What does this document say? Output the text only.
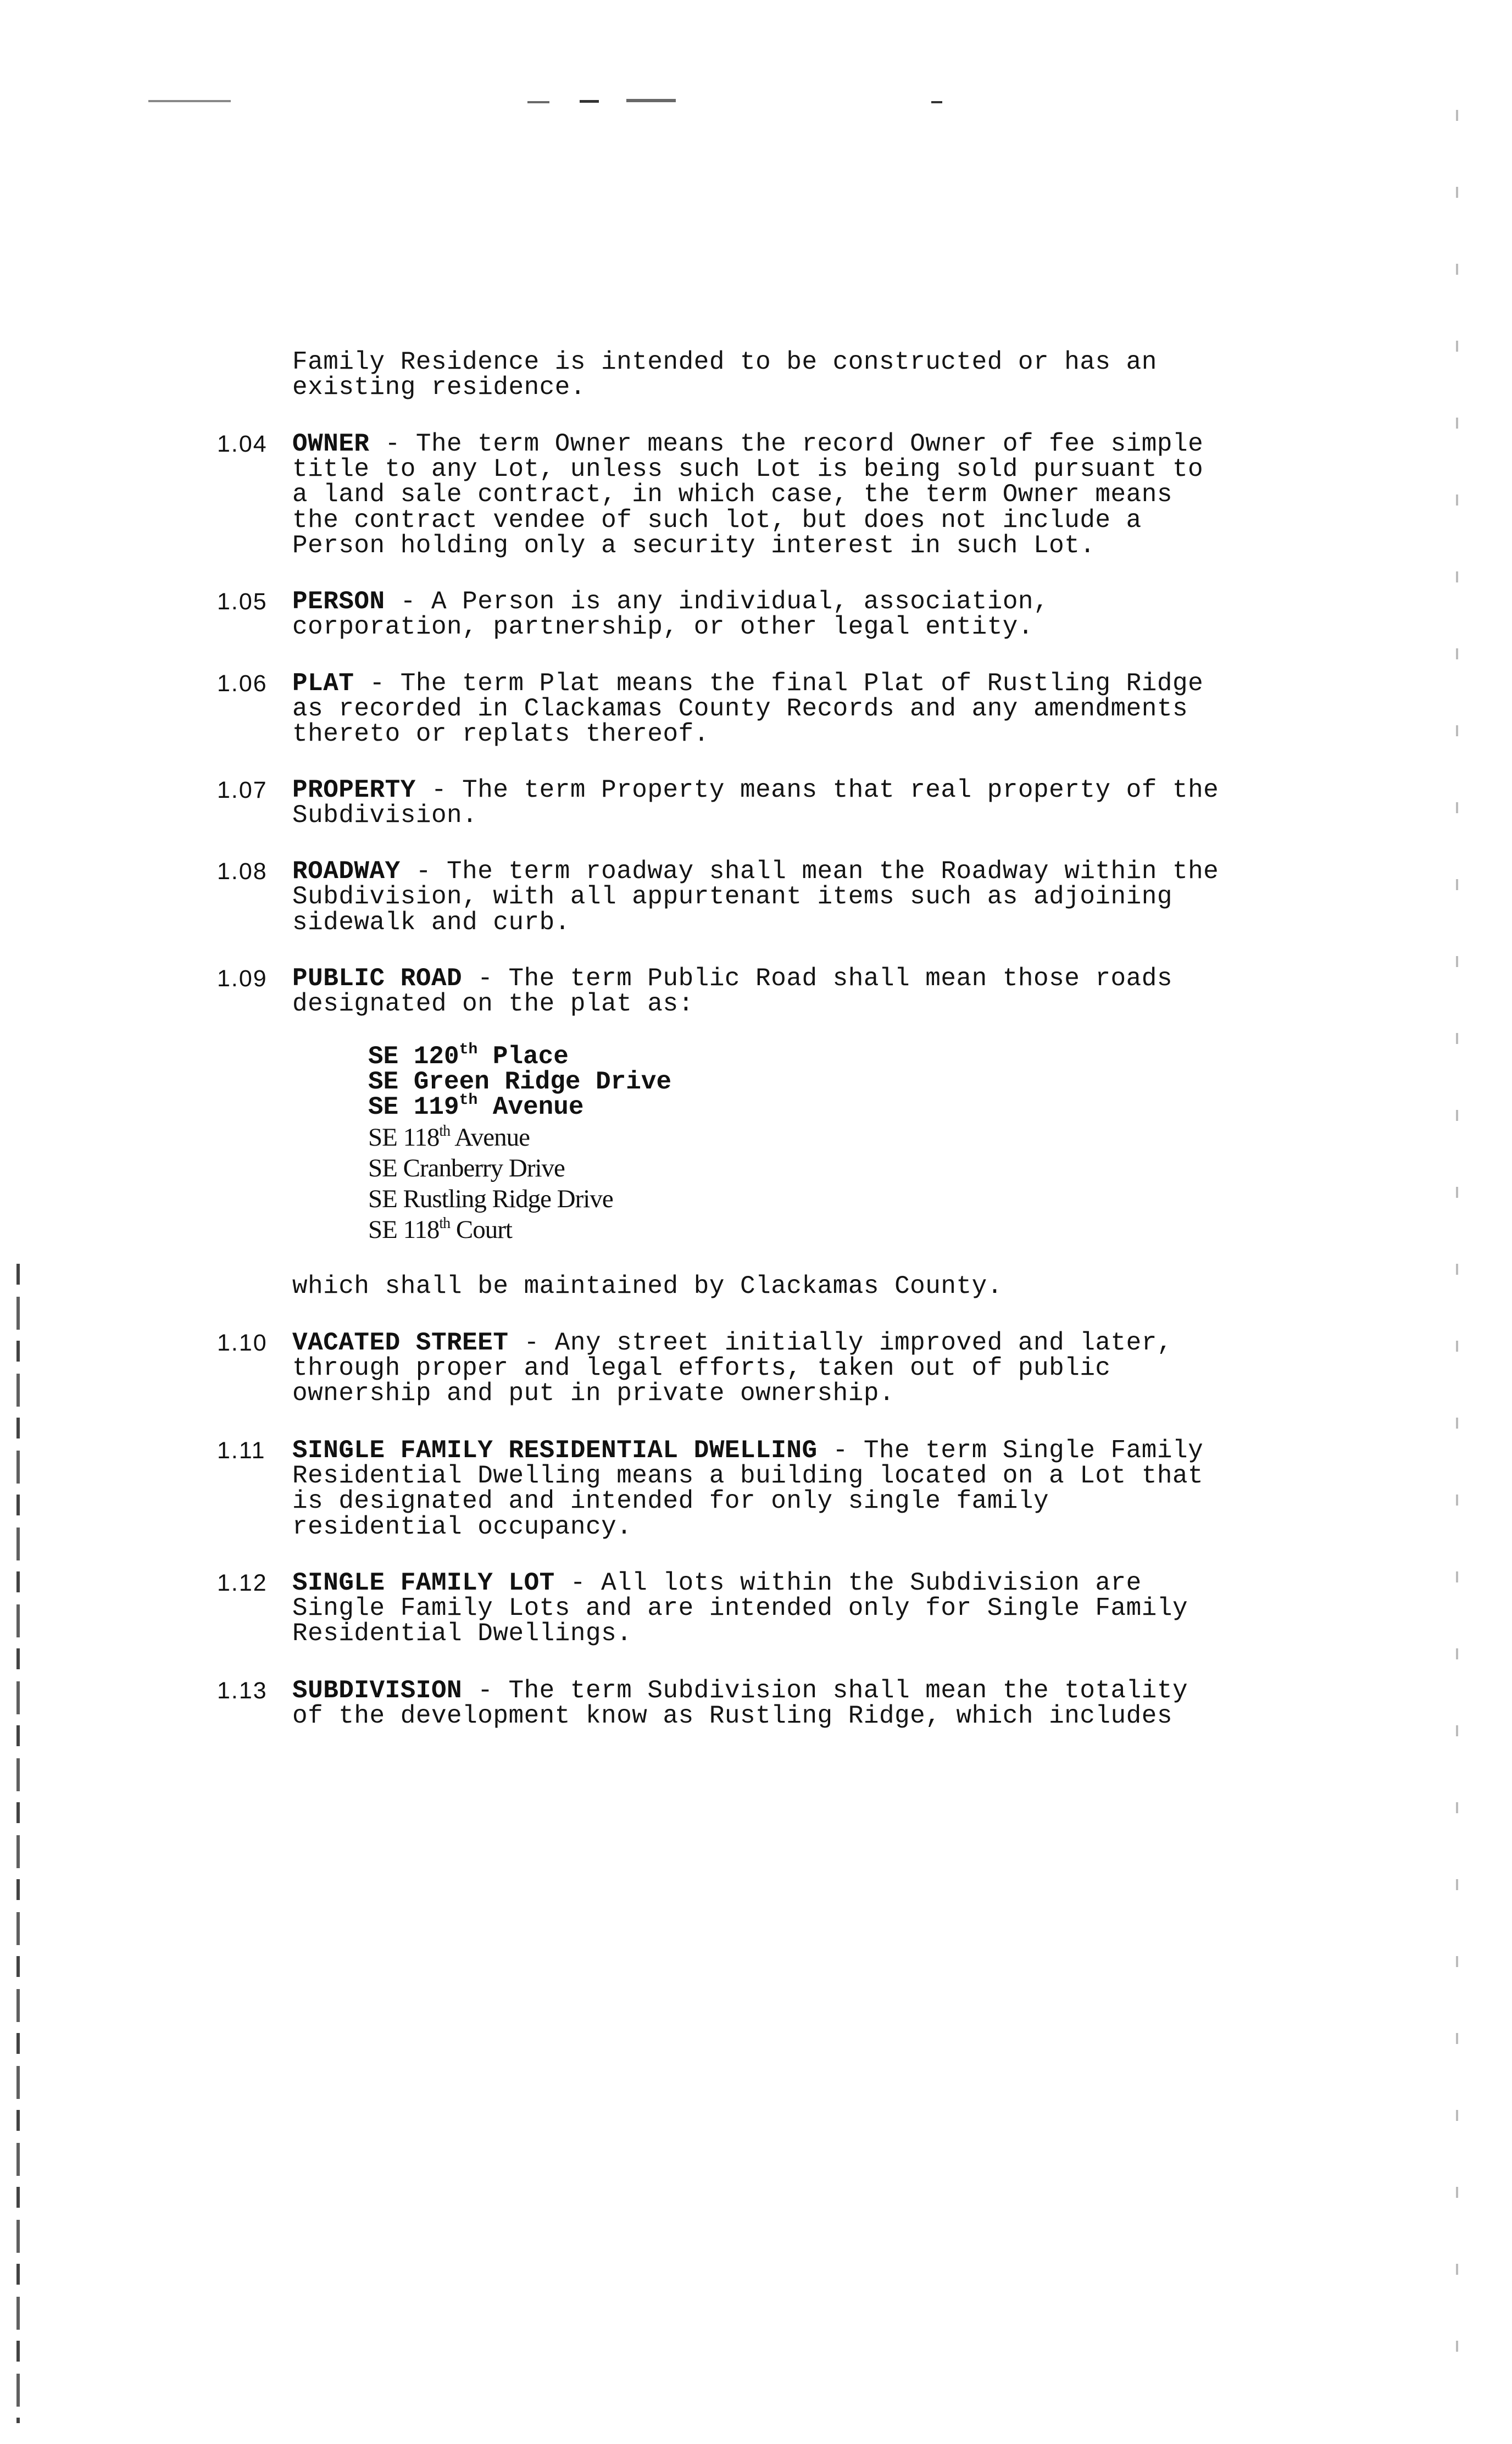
Family Residence is intended to be constructed or has an
existing residence.
1.04 OWNER - The term Owner means the record Owner of fee simple
title to any Lot, unless such Lot is being sold pursuant to
a land sale contract, in which case, the term Owner means
the contract vendee of such lot, but does not include a
Person holding only a security interest in such Lot.
1.05 PERSON - A Person is any individual, association,
corporation, partnership, or other legal entity.
1.06 PLAT - The term Plat means the final Plat of Rustling Ridge
as recorded in Clackamas County Records and any amendments
thereto or replats thereof.
1.07 PROPERTY - The term Property means that real property of the
Subdivision.
1.08 ROADWAY - The term roadway shall mean the Roadway within the
Subdivision, with all appurtenant items such as adjoining
sidewalk and curb.
1.09 PUBLIC ROAD - The term Public Road shall mean those roads
designated on the plat as:
SE 120th Place
SE Green Ridge Drive
SE 119th Avenue
SE 118th Avenue
SE Cranberry Drive
SE Rustling Ridge Drive
SE 118th Court
which shall be maintained by Clackamas County.
1.10 VACATED STREET - Any street initially improved and later,
through proper and legal efforts, taken out of public
ownership and put in private ownership.
1.11 SINGLE FAMILY RESIDENTIAL DWELLING - The term Single Family
Residential Dwelling means a building located on a Lot that
is designated and intended for only single family
residential occupancy.
1.12 SINGLE FAMILY LOT - All lots within the Subdivision are
Single Family Lots and are intended only for Single Family
Residential Dwellings.
1.13 SUBDIVISION - The term Subdivision shall mean the totality
of the development know as Rustling Ridge, which includes
